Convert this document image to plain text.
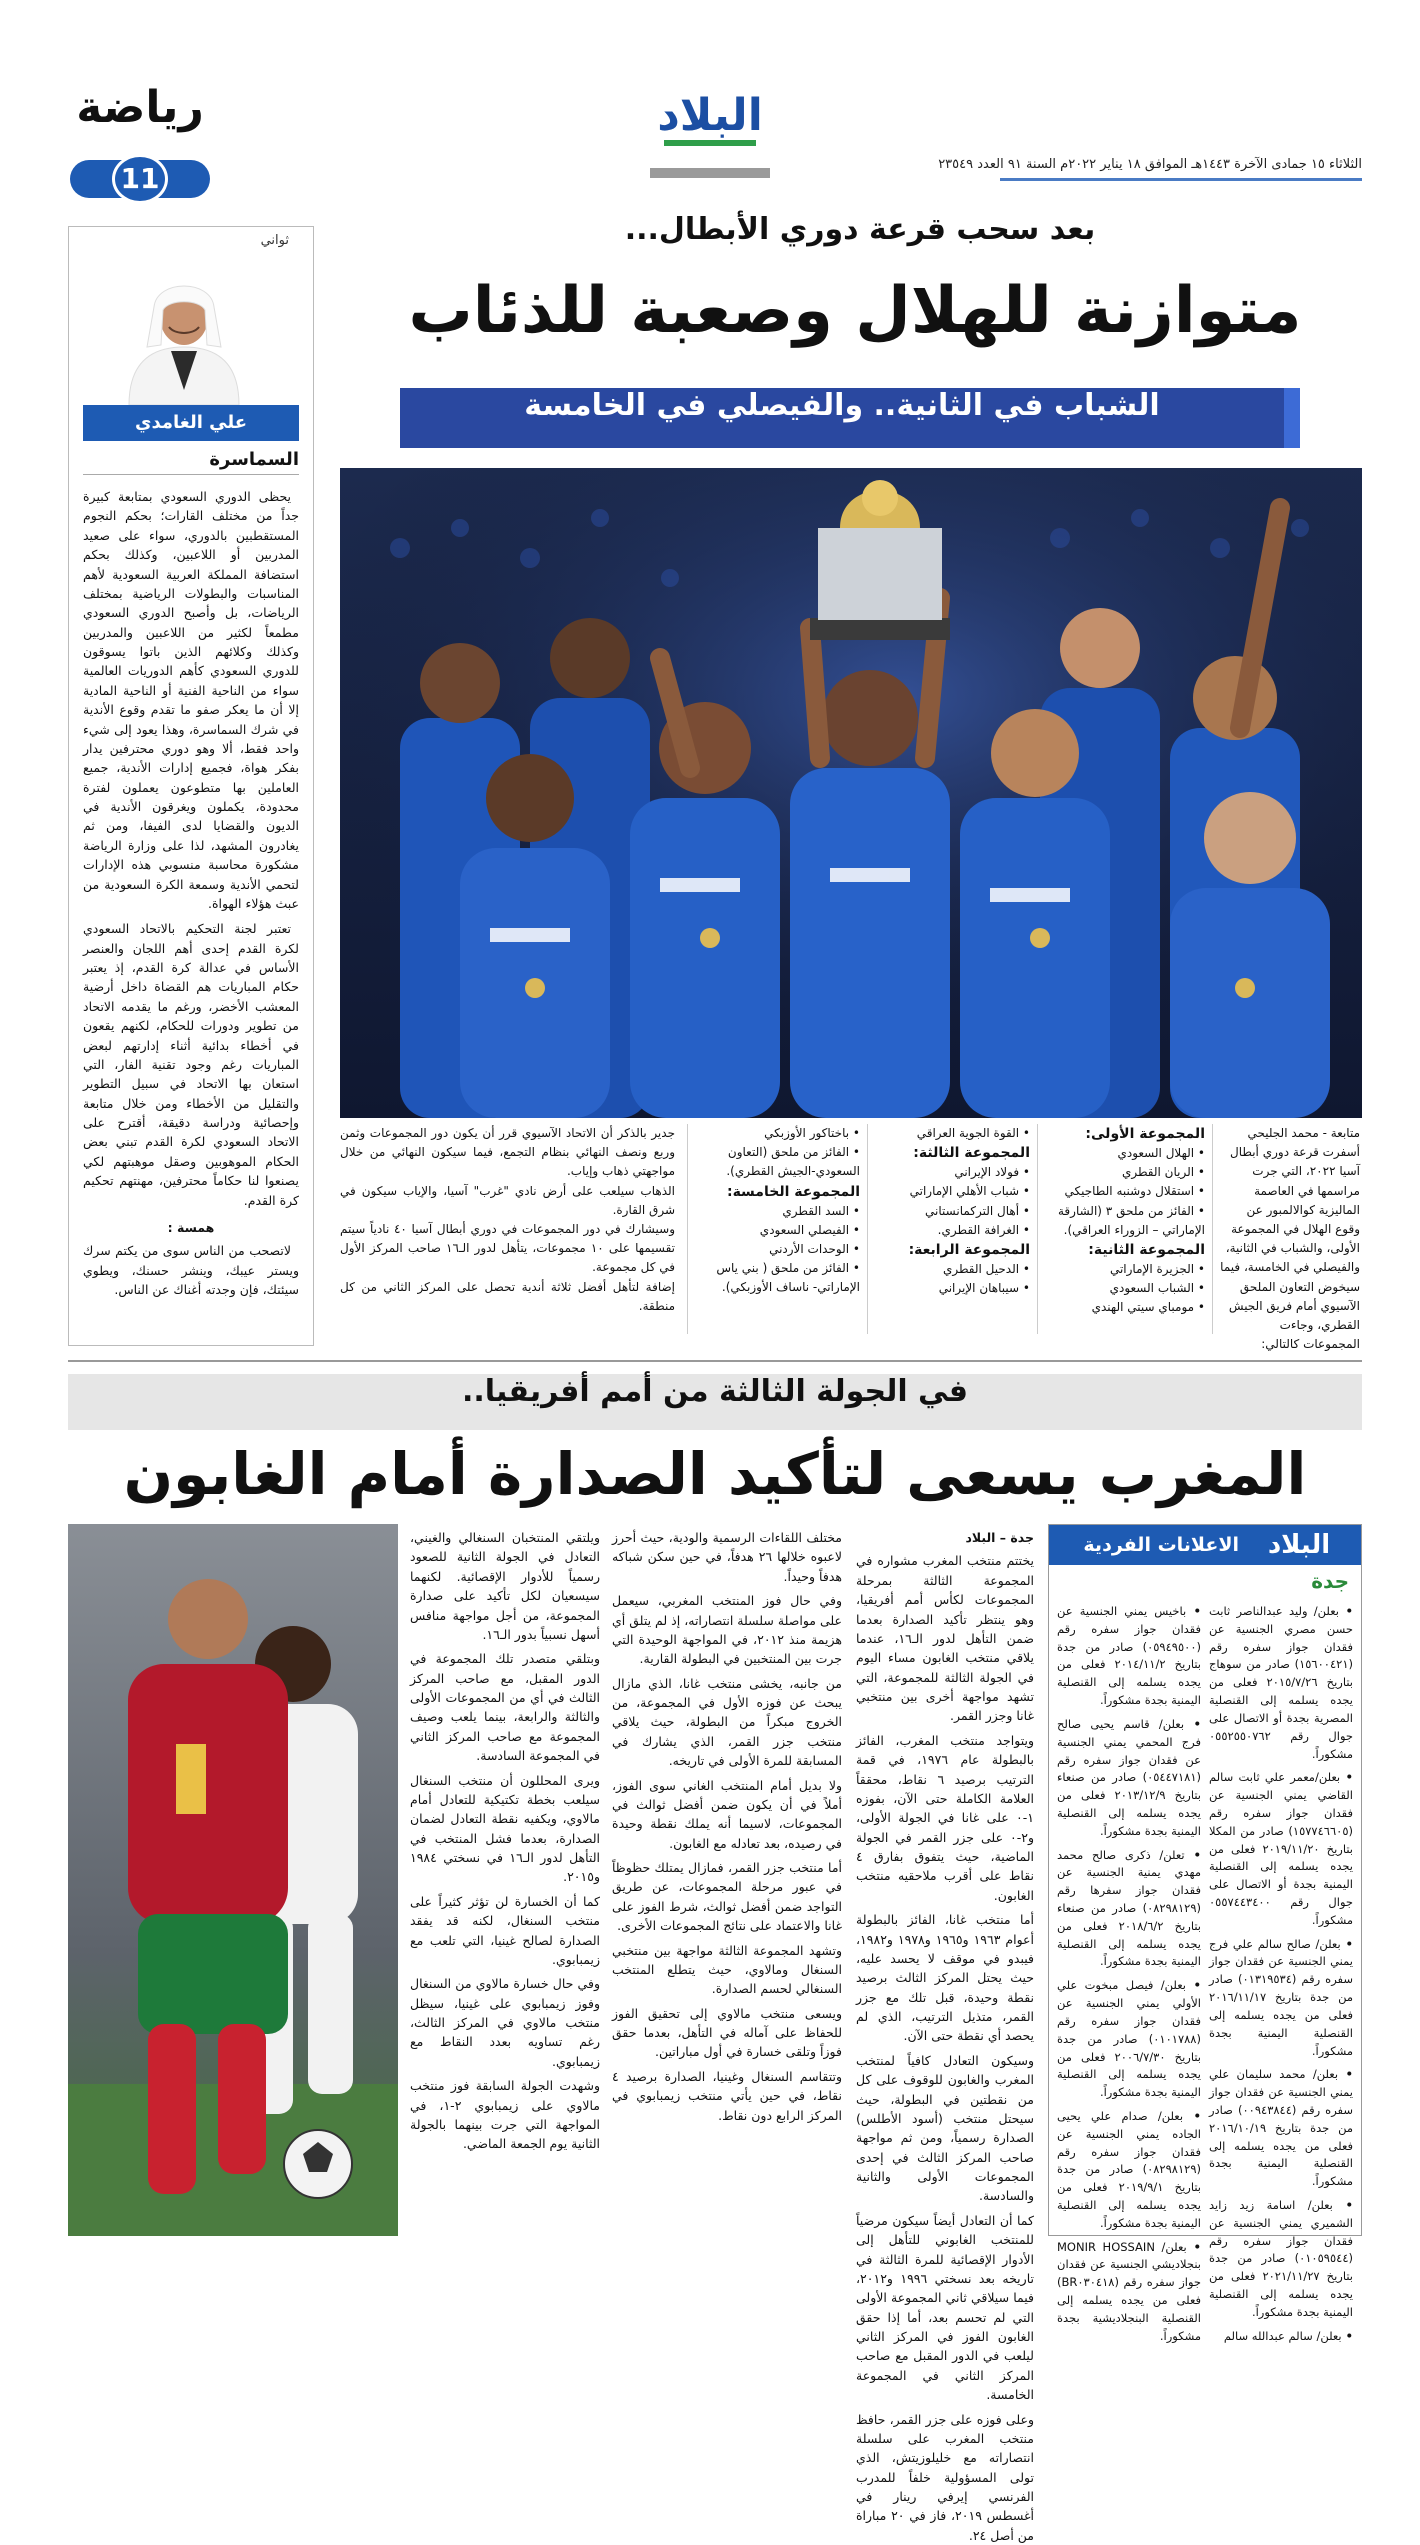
البلاد
الثلاثاء ١٥ جمادى الآخرة ١٤٤٣هـ الموافق ١٨ يناير ٢٠٢٢م السنة ٩١ العدد ٢٣٥٤٩
رياضة
11
ثواني
علي الغامدي
السماسرة

يحظى الدوري السعودي بمتابعة كبيرة جداً من مختلف القارات؛ بحكم النجوم المستقطبين بالدوري، سواء على صعيد المدربين أو اللاعبين، وكذلك بحكم استضافة المملكة العربية السعودية لأهم المناسبات والبطولات الرياضية بمختلف الرياضات، بل وأصبح الدوري السعودي مطمعاً لكثير من اللاعبين والمدربين وكذلك وكلائهم الذين باتوا يسوقون للدوري السعودي كأهم الدوريات العالمية سواء من الناحية الفنية أو الناحية المادية إلا أن ما يعكر صفو ما تقدم وقوع الأندية في شرك السماسرة، وهذا يعود إلى شيء واحد فقط، ألا وهو دوري محترفين يدار بفكر هواة، فجميع إدارات الأندية، جميع العاملين بها متطوعون يعملون لفترة محدودة، يكملون ويغرقون الأندية في الديون والقضايا لدى الفيفا، ومن ثم يغادرون المشهد، لذا على وزارة الرياضة مشكورة محاسبة منسوبي هذه الإدارات لتحمي الأندية وسمعة الكرة السعودية من عبث هؤلاء الهواة.

تعتبر لجنة التحكيم بالاتحاد السعودي لكرة القدم إحدى أهم اللجان والعنصر الأساس في عدالة كرة القدم، إذ يعتبر حكام المباريات هم القضاة داخل أرضية المعشب الأخضر، ورغم ما يقدمه الاتحاد من تطوير ودورات للحكام، لكنهم يقعون في أخطاء بدائية أثناء إدارتهم لبعض المباريات رغم وجود تقنية الفار، التي استعان بها الاتحاد في سبيل التطوير والتقليل من الأخطاء ومن خلال متابعة وإحصائية ودراسة دقيقة، أقترح على الاتحاد السعودي لكرة القدم تبني بعض الحكام الموهوبين وصقل موهبتهم لكي يصنعوا لنا حكاماً محترفين، مهنتهم تحكيم كرة القدم.

همسة :

لاتصحب من الناس سوى من يكتم سرك ويستر عيبك، وينشر حسنك، ويطوي سيئتك، فإن وجدته أغناك عن الناس.

بعد سحب قرعة دوري الأبطال...
متوازنة للهلال وصعبة للذئاب
الشباب في الثانية.. والفيصلي في الخامسة
متابعة - محمد الجليحي
أسفرت قرعة دوري أبطال آسيا ٢٠٢٢، التي جرت مراسمها في العاصمة الماليزية كوالالمبور عن وقوع الهلال في المجموعة الأولى، والشباب في الثانية، والفيصلي في الخامسة، فيما سيخوض التعاون الملحق الآسيوي أمام فريق الجيش القطري، وجاءت المجموعات كالتالي:
المجموعة الأولى:
• الهلال السعودي
• الريان القطري
• استقلال دوشنبه الطاجيكي
• الفائز من ملحق ٣ (الشارقة الإماراتي – الزوراء العراقي).
المجموعة الثانية:
• الجزيرة الإماراتي
• الشباب السعودي
• مومباي سيتي الهندي
• القوة الجوية العراقي
المجموعة الثالثة:
• فولاد الإيراني
• شباب الأهلي الإماراتي
• أهال التركمانستاني
• الغرافة القطري.
المجموعة الرابعة:
• الدحيل القطري
• سيباهان الإيراني
• باختاكور الأوزبكي
• الفائز من ملحق (التعاون السعودي-الجيش القطري).
المجموعة الخامسة:
• السد القطري
• الفيصلي السعودي
• الوحدات الأردني
• الفائز من ملحق ( بني ياس الإماراتي- ناساف الأوزبكي).

جدير بالذكر أن الاتحاد الآسيوي قرر أن يكون دور المجموعات وثمن وربع ونصف النهائي بنظام التجمع، فيما سيكون النهائي من خلال مواجهتي ذهاب وإياب.

الذهاب سيلعب على أرض نادي "غرب" آسيا، والإياب سيكون في شرق القارة.

وسيشارك في دور المجموعات في دوري أبطال آسيا ٤٠ نادياً سيتم تقسيمها على ١٠ مجموعات، يتأهل لدور الـ١٦ صاحب المركز الأول في كل مجموعة.

إضافة لتأهل أفضل ثلاثة أندية تحصل على المركز الثاني من كل منطقة.

في الجولة الثالثة من أمم أفريقيا..
المغرب يسعى لتأكيد الصدارة أمام الغابون
جدة – البلاد

يختتم منتخب المغرب مشواره في المجموعة الثالثة بمرحلة المجموعات لكأس أمم أفريقيا، وهو ينتظر تأكيد الصدارة بعدما ضمن التأهل لدور الـ١٦، عندما يلاقي منتخب الغابون مساء اليوم في الجولة الثالثة للمجموعة، التي تشهد مواجهة أخرى بين منتخبي غانا وجزر القمر.

ويتواجد منتخب المغرب، الفائز بالبطولة عام ١٩٧٦، في قمة الترتيب برصيد ٦ نقاط، محققاً العلامة الكاملة حتى الآن، بفوزه ١-٠ على غانا في الجولة الأولى، و٢-٠ على جزر القمر في الجولة الماضية، حيث يتفوق بفارق ٤ نقاط على أقرب ملاحقيه منتخب الغابون.

أما منتخب غانا، الفائز بالبطولة أعوام ١٩٦٣ و١٩٦٥ و١٩٧٨ و١٩٨٢، فيبدو في موقف لا يحسد عليه، حيث يحتل المركز الثالث برصيد نقطة وحيدة، قبل تلك مع جزر القمر، متذيل الترتيب، الذي لم يحصد أي نقطة حتى الآن.

وسيكون التعادل كافياً لمنتخب المغرب والغابون للوقوف على كل من نقطتين في البطولة، حيث سيحتل منتخب (أسود الأطلس) الصدارة رسمياً، ومن ثم مواجهة صاحب المركز الثالث في إحدى المجموعات الأولى والثانية والسادسة.

كما أن التعادل أيضاً سيكون مرضياً للمنتخب الغابوني للتأهل إلى الأدوار الإقصائية للمرة الثالثة في تاريخه بعد نسختي ١٩٩٦ و٢٠١٢، فيما سيلاقي ثاني المجموعة الأولى التي لم تحسم بعد، أما إذا حقق الغابون الفوز في المركز الثاني ليلعب في الدور المقبل مع صاحب المركز الثاني في المجموعة الخامسة.

وعلى فوزه على جزر القمر، حافظ منتخب المغرب على سلسلة انتصاراته مع خليلوزيتش، الذي تولى المسؤولية خلفاً للمدرب الفرنسي إيرفي رينار في أغسطس ٢٠١٩، فاز في ٢٠ مباراة من أصل ٢٤.

مختلف اللقاءات الرسمية والودية، حيث أحرز لاعبوه خلالها ٢٦ هدفاً، في حين سكن شباكه هدفاً وحيداً.

وفي حال فوز المنتخب المغربي، سيعمل على مواصلة سلسلة انتصاراته، إذ لم يتلق أي هزيمة منذ ٢٠١٢، في المواجهة الوحيدة التي جرت بين المنتخبين في البطولة القارية.

من جانبه، يخشى منتخب غانا، الذي مازال يبحث عن فوزه الأول في المجموعة، من الخروج مبكراً من البطولة، حيث يلاقي منتخب جزر القمر، الذي يشارك في المسابقة للمرة الأولى في تاريخه.

ولا بديل أمام المنتخب الغاني سوى الفوز، أملاً في أن يكون ضمن أفضل ثوالث في المجموعات، لاسيما أنه يملك نقطة وحيدة في رصيده، بعد تعادله مع الغابون.

أما منتخب جزر القمر، فمازال يمتلك حظوظاً في عبور مرحلة المجموعات، عن طريق التواجد ضمن أفضل ثوالث، شرط الفوز على غانا والاعتماد على نتائج المجموعات الأخرى.

وتشهد المجموعة الثالثة مواجهة بين منتخبي السنغال ومالاوي، حيث يتطلع المنتخب السنغالي لحسم الصدارة.

ويسعى منتخب مالاوي إلى تحقيق الفوز للحفاظ على آماله في التأهل، بعدما حقق فوزاً وتلقى خسارة في أول مباراتين.

وتتقاسم السنغال وغينيا، الصدارة برصيد ٤ نقاط، في حين يأتي منتخب زيمبابوي في المركز الرابع دون نقاط.

ويلتقي المنتخبان السنغالي والغيني، التعادل في الجولة الثانية للصعود رسمياً للأدوار الإقصائية. لكنهما سيسعيان لكل تأكيد على صدارة المجموعة، من أجل مواجهة منافس أسهل نسبياً بدور الـ١٦.

وبتلقي متصدر تلك المجموعة في الدور المقبل، مع صاحب المركز الثالث في أي من المجموعات الأولى والثالثة والرابعة، بينما يلعب وصيف المجموعة مع صاحب المركز الثاني في المجموعة السادسة.

ويرى المحللون أن منتخب السنغال سيلعب بخطة تكتيكية للتعادل أمام مالاوي، ويكفيه نقطة التعادل لضمان الصدارة، بعدما فشل المنتخب في التأهل لدور الـ١٦ في نسختي ١٩٨٤ و٢٠١٥.

كما أن الخسارة لن تؤثر كثيراً على منتخب السنغال، لكنه قد يفقد الصدارة لصالح غينيا، التي تلعب مع زيمبابوي.

وفي حال خسارة مالاوي من السنغال وفوز زيمبابوي على غينيا، سيظل منتخب مالاوي في المركز الثالث، رغم تساويه بعدد النقاط مع زيمبابوي.

وشهدت الجولة السابقة فوز منتخب مالاوي على زيمبابوي ٢-١، في المواجهة التي جرت بينهما بالجولة الثانية يوم الجمعة الماضي.

الاعلانات الفردية	البلاد
جدة
• بعلن/ وليد عبدالناصر ثابت حسن مصري الجنسية عن فقدان جواز سفره رقم (١٥٦٠٠٤٢١) صادر من سوهاج بتاريخ ٢٠١٥/٧/٢٦ فعلى من يجده يسلمه إلى القنصلية المصرية بجدة أو الاتصال على جوال رقم ٠٥٥٢٥٥٠٧٦٢ مشكوراً.
• بعلن/معمر علي ثابت سالم القاضي يمني الجنسية عن فقدان جواز سفره رقم (١٥٧٧٤٦٦٠٥) صادر من المكلا بتاريخ ٢٠١٩/١١/٢٠ فعلى من يجده يسلمه إلى القنصلية اليمنية بجدة أو الاتصال على جوال رقم ٠٥٥٧٤٤٣٤٠٠ مشكوراً.
• بعلن/ صالح سالم علي فرج يمني الجنسية عن فقدان جواز سفره رقم (٠١٣١٩٥٣٤) صادر من جدة بتاريخ ٢٠١٦/١١/١٧ فعلى من يجده يسلمه إلى القنصلية اليمنية بجدة مشكوراً.
• بعلن/ محمد سليمان علي يمني الجنسية عن فقدان جواز سفره رقم (٠٠٩٤٣٨٤٤) صادر من جدة بتاريخ ٢٠١٦/١٠/١٩ فعلى من يجده يسلمه إلى القنصلية اليمنية بجدة مشكوراً.
• بعلن/ اسامة زيد زايد الشميري يمني الجنسية عن فقدان جواز سفره رقم (٠١٠٥٩٥٤٤) صادر من جدة بتاريخ ٢٠٢١/١١/٢٧ فعلى من يجده يسلمه إلى القنصلية اليمنية بجدة مشكوراً.
• بعلن/ سالم عبدالله سالم
• باخيس يمني الجنسية عن فقدان جواز سفره رقم (٠٥٩٤٩٥٠٠) صادر من جدة بتاريخ ٢٠١٤/١١/٢ فعلى من يجده يسلمه إلى القنصلية اليمنية بجدة مشكوراً.
• بعلن/ قاسم يحيى صالح فرج المحمي يمني الجنسية عن فقدان جواز سفره رقم (٠٥٤٤٧١٨١) صادر من صنعاء بتاريخ ٢٠١٣/١٢/٩ فعلى من يجده يسلمه إلى القنصلية اليمنية بجدة مشكوراً.
• تعلن/ ذكرى صالح محمد مهدي يمنية الجنسية عن فقدان جواز سفرها رقم (٠٨٢٩٨١٢٩) صادر من صنعاء بتاريخ ٢٠١٨/٦/٢ فعلى من يجده يسلمه إلى القنصلية اليمنية بجدة مشكوراً.
• بعلن/ فيصل مبخوت علي الأولي يمني الجنسية عن فقدان جواز سفره رقم (٠١٠١٧٨٨) صادر من جدة بتاريخ ٢٠٠٦/٧/٣٠ فعلى من يجده يسلمه إلى القنصلية اليمنية بجدة مشكوراً.
• بعلن/ صدام علي يحيى الجاده يمني الجنسية عن فقدان جواز سفره رقم (٠٨٢٩٨١٢٩) صادر من جدة بتاريخ ٢٠١٩/٩/١ فعلى من يجده يسلمه إلى القنصلية اليمنية بجدة مشكوراً.
• بعلن/ MONIR HOSSAIN بنجلاديشي الجنسية عن فقدان جواز سفره رقم (BR٠٣٠٤١٨) فعلى من يجده يسلمه إلى القنصلية البنجلاديشية بجدة مشكوراً.
